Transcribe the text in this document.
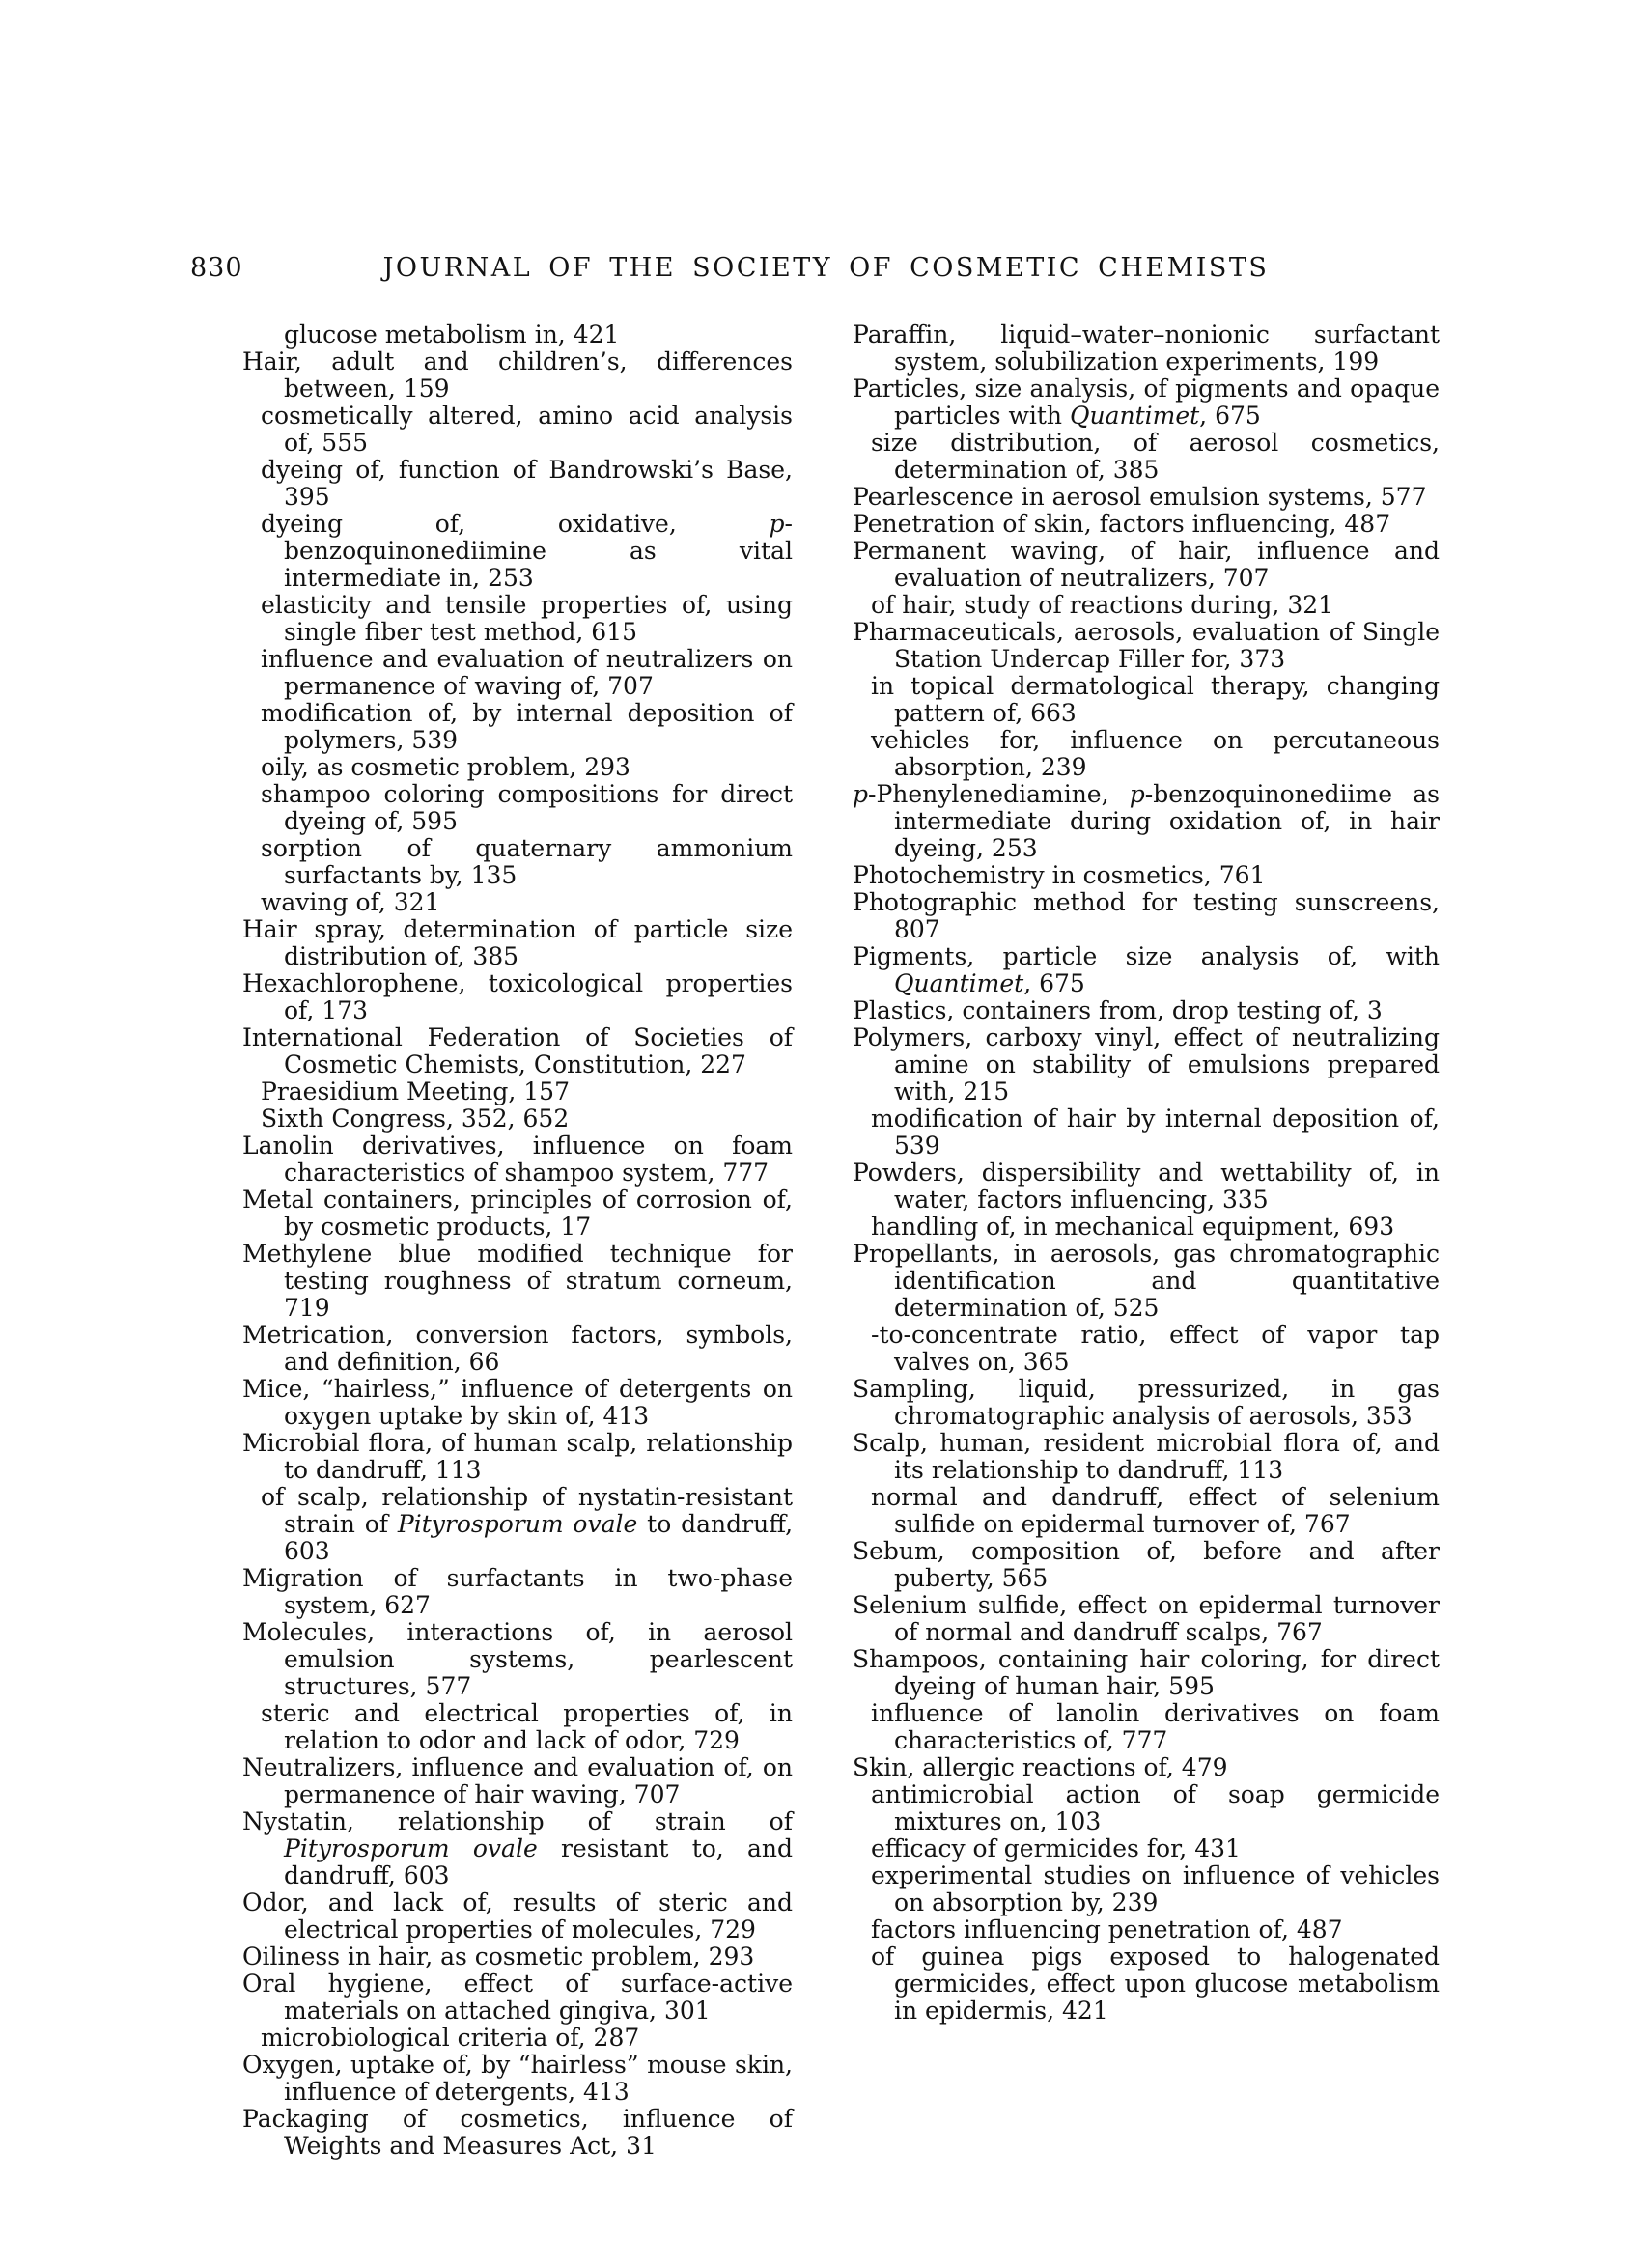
830	JOURNAL OF THE SOCIETY OF COSMETIC CHEMISTS

glucose metabolism in, 421

Hair, adult and children’s, differences between, 159

cosmetically altered, amino acid analysis of, 555

dyeing of, function of Bandrowski’s Base, 395

dyeing of, oxidative, p-benzoquinonediimine as vital intermediate in, 253

elasticity and tensile properties of, using single fiber test method, 615

influence and evaluation of neutralizers on permanence of waving of, 707

modification of, by internal deposition of polymers, 539

oily, as cosmetic problem, 293

shampoo coloring compositions for direct dyeing of, 595

sorption of quaternary ammonium surfactants by, 135

waving of, 321

Hair spray, determination of particle size distribution of, 385

Hexachlorophene, toxicological properties of, 173

International Federation of Societies of Cosmetic Chemists, Constitution, 227

Praesidium Meeting, 157

Sixth Congress, 352, 652

Lanolin derivatives, influence on foam characteristics of shampoo system, 777

Metal containers, principles of corrosion of, by cosmetic products, 17

Methylene blue modified technique for testing roughness of stratum corneum, 719

Metrication, conversion factors, symbols, and definition, 66

Mice, “hairless,” influence of detergents on oxygen uptake by skin of, 413

Microbial flora, of human scalp, relationship to dandruff, 113

of scalp, relationship of nystatin-resistant strain of Pityrosporum ovale to dandruff, 603

Migration of surfactants in two-phase system, 627

Molecules, interactions of, in aerosol emulsion systems, pearlescent structures, 577

steric and electrical properties of, in relation to odor and lack of odor, 729

Neutralizers, influence and evaluation of, on permanence of hair waving, 707

Nystatin, relationship of strain of Pityrosporum ovale resistant to, and dandruff, 603

Odor, and lack of, results of steric and electrical properties of molecules, 729

Oiliness in hair, as cosmetic problem, 293

Oral hygiene, effect of surface-active materials on attached gingiva, 301

microbiological criteria of, 287

Oxygen, uptake of, by “hairless” mouse skin, influence of detergents, 413

Packaging of cosmetics, influence of Weights and Measures Act, 31

Paraffin, liquid–water–nonionic surfactant system, solubilization experiments, 199

Particles, size analysis, of pigments and opaque particles with Quantimet, 675

size distribution, of aerosol cosmetics, determination of, 385

Pearlescence in aerosol emulsion systems, 577

Penetration of skin, factors influencing, 487

Permanent waving, of hair, influence and evaluation of neutralizers, 707

of hair, study of reactions during, 321

Pharmaceuticals, aerosols, evaluation of Single Station Undercap Filler for, 373

in topical dermatological therapy, changing pattern of, 663

vehicles for, influence on percutaneous absorption, 239

p-Phenylenediamine, p-benzoquinonediime as intermediate during oxidation of, in hair dyeing, 253

Photochemistry in cosmetics, 761

Photographic method for testing sunscreens, 807

Pigments, particle size analysis of, with Quantimet, 675

Plastics, containers from, drop testing of, 3

Polymers, carboxy vinyl, effect of neutralizing amine on stability of emulsions prepared with, 215

modification of hair by internal deposition of, 539

Powders, dispersibility and wettability of, in water, factors influencing, 335

handling of, in mechanical equipment, 693

Propellants, in aerosols, gas chromatographic identification and quantitative determination of, 525

-to-concentrate ratio, effect of vapor tap valves on, 365

Sampling, liquid, pressurized, in gas chromatographic analysis of aerosols, 353

Scalp, human, resident microbial flora of, and its relationship to dandruff, 113

normal and dandruff, effect of selenium sulfide on epidermal turnover of, 767

Sebum, composition of, before and after puberty, 565

Selenium sulfide, effect on epidermal turnover of normal and dandruff scalps, 767

Shampoos, containing hair coloring, for direct dyeing of human hair, 595

influence of lanolin derivatives on foam characteristics of, 777

Skin, allergic reactions of, 479

antimicrobial action of soap germicide mixtures on, 103

efficacy of germicides for, 431

experimental studies on influence of vehicles on absorption by, 239

factors influencing penetration of, 487

of guinea pigs exposed to halogenated germicides, effect upon glucose metabolism in epidermis, 421
